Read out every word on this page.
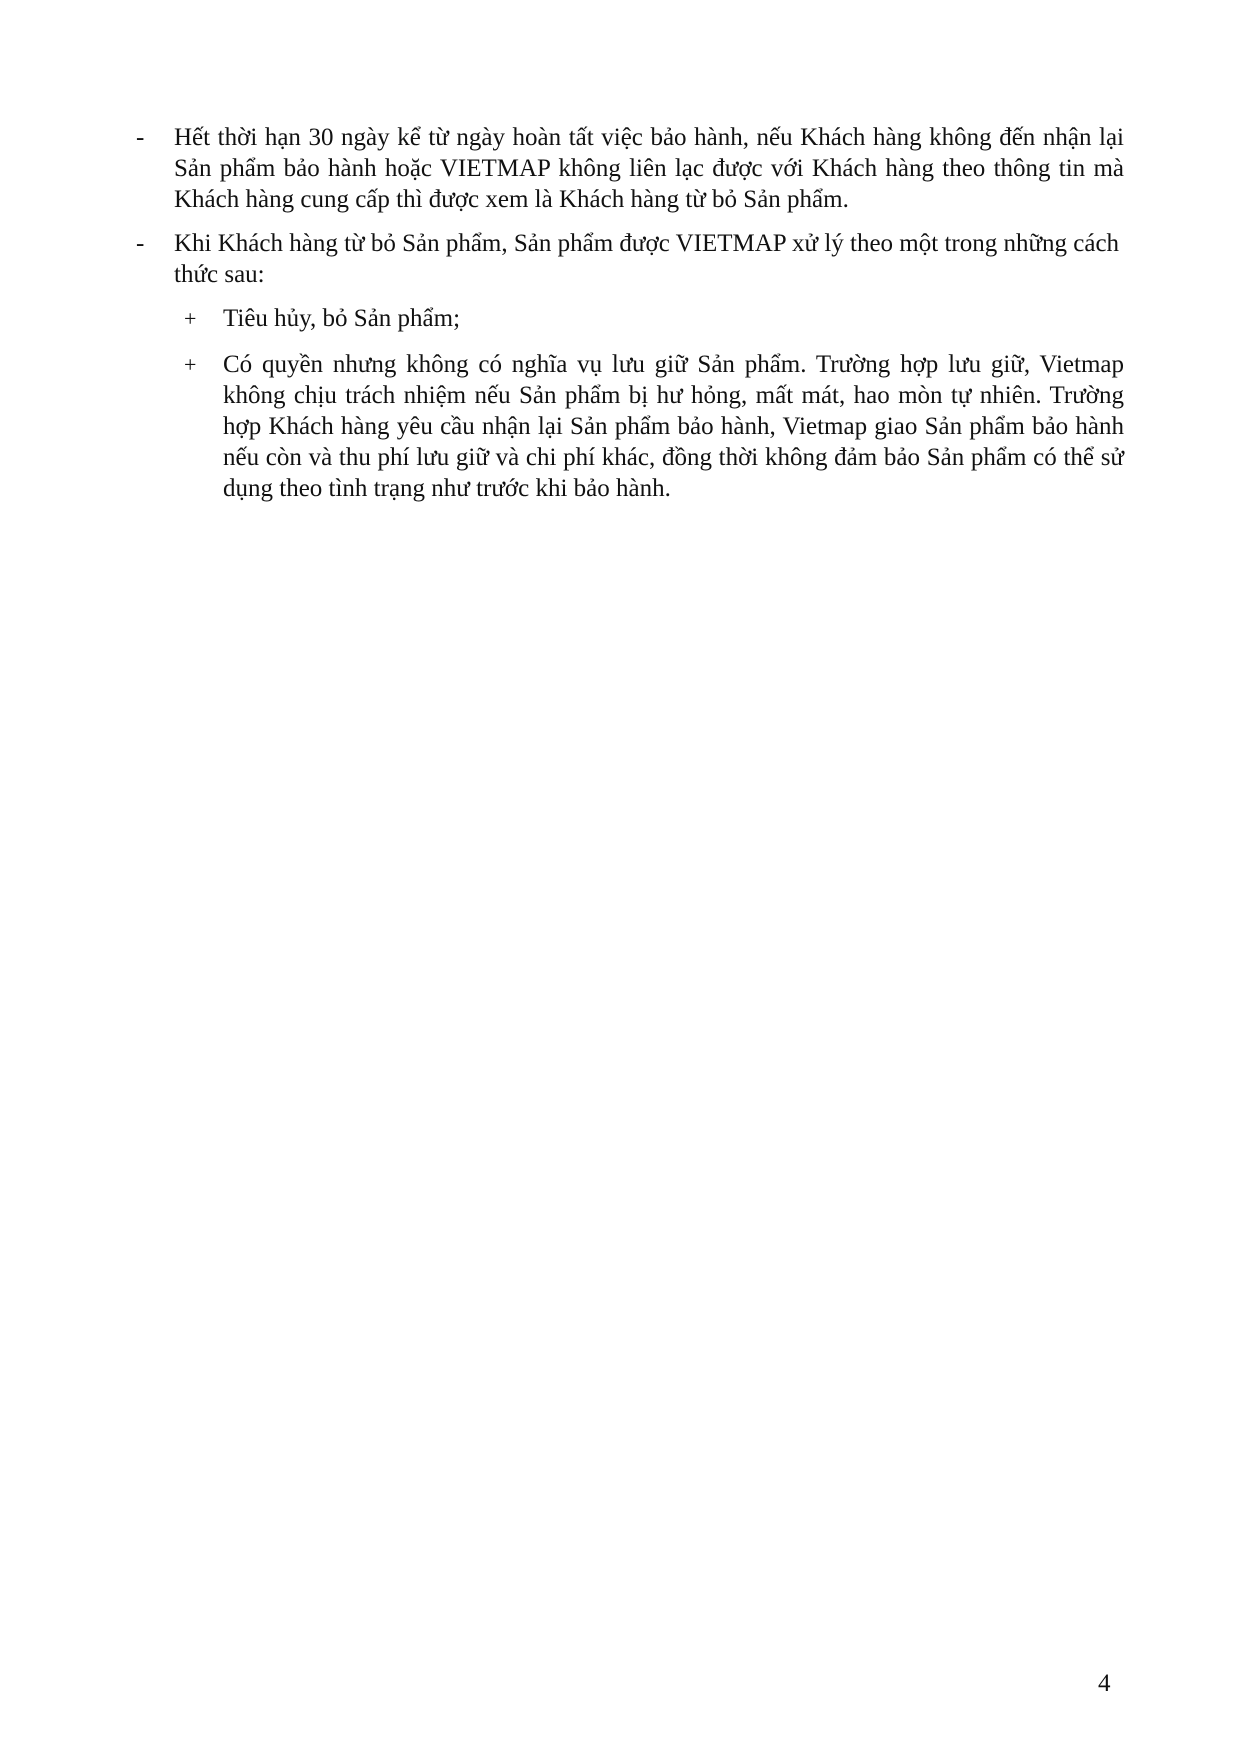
- Hết thời hạn 30 ngày kể từ ngày hoàn tất việc bảo hành, nếu Khách hàng không đến nhận lại Sản phẩm bảo hành hoặc VIETMAP không liên lạc được với Khách hàng theo thông tin mà Khách hàng cung cấp thì được xem là Khách hàng từ bỏ Sản phẩm.
- Khi Khách hàng từ bỏ Sản phẩm, Sản phẩm được VIETMAP xử lý theo một trong những cách thức sau:
+ Tiêu hủy, bỏ Sản phẩm;
+ Có quyền nhưng không có nghĩa vụ lưu giữ Sản phẩm. Trường hợp lưu giữ, Vietmap không chịu trách nhiệm nếu Sản phẩm bị hư hỏng, mất mát, hao mòn tự nhiên. Trường hợp Khách hàng yêu cầu nhận lại Sản phẩm bảo hành, Vietmap giao Sản phẩm bảo hành nếu còn và thu phí lưu giữ và chi phí khác, đồng thời không đảm bảo Sản phẩm có thể sử dụng theo tình trạng như trước khi bảo hành.
4
